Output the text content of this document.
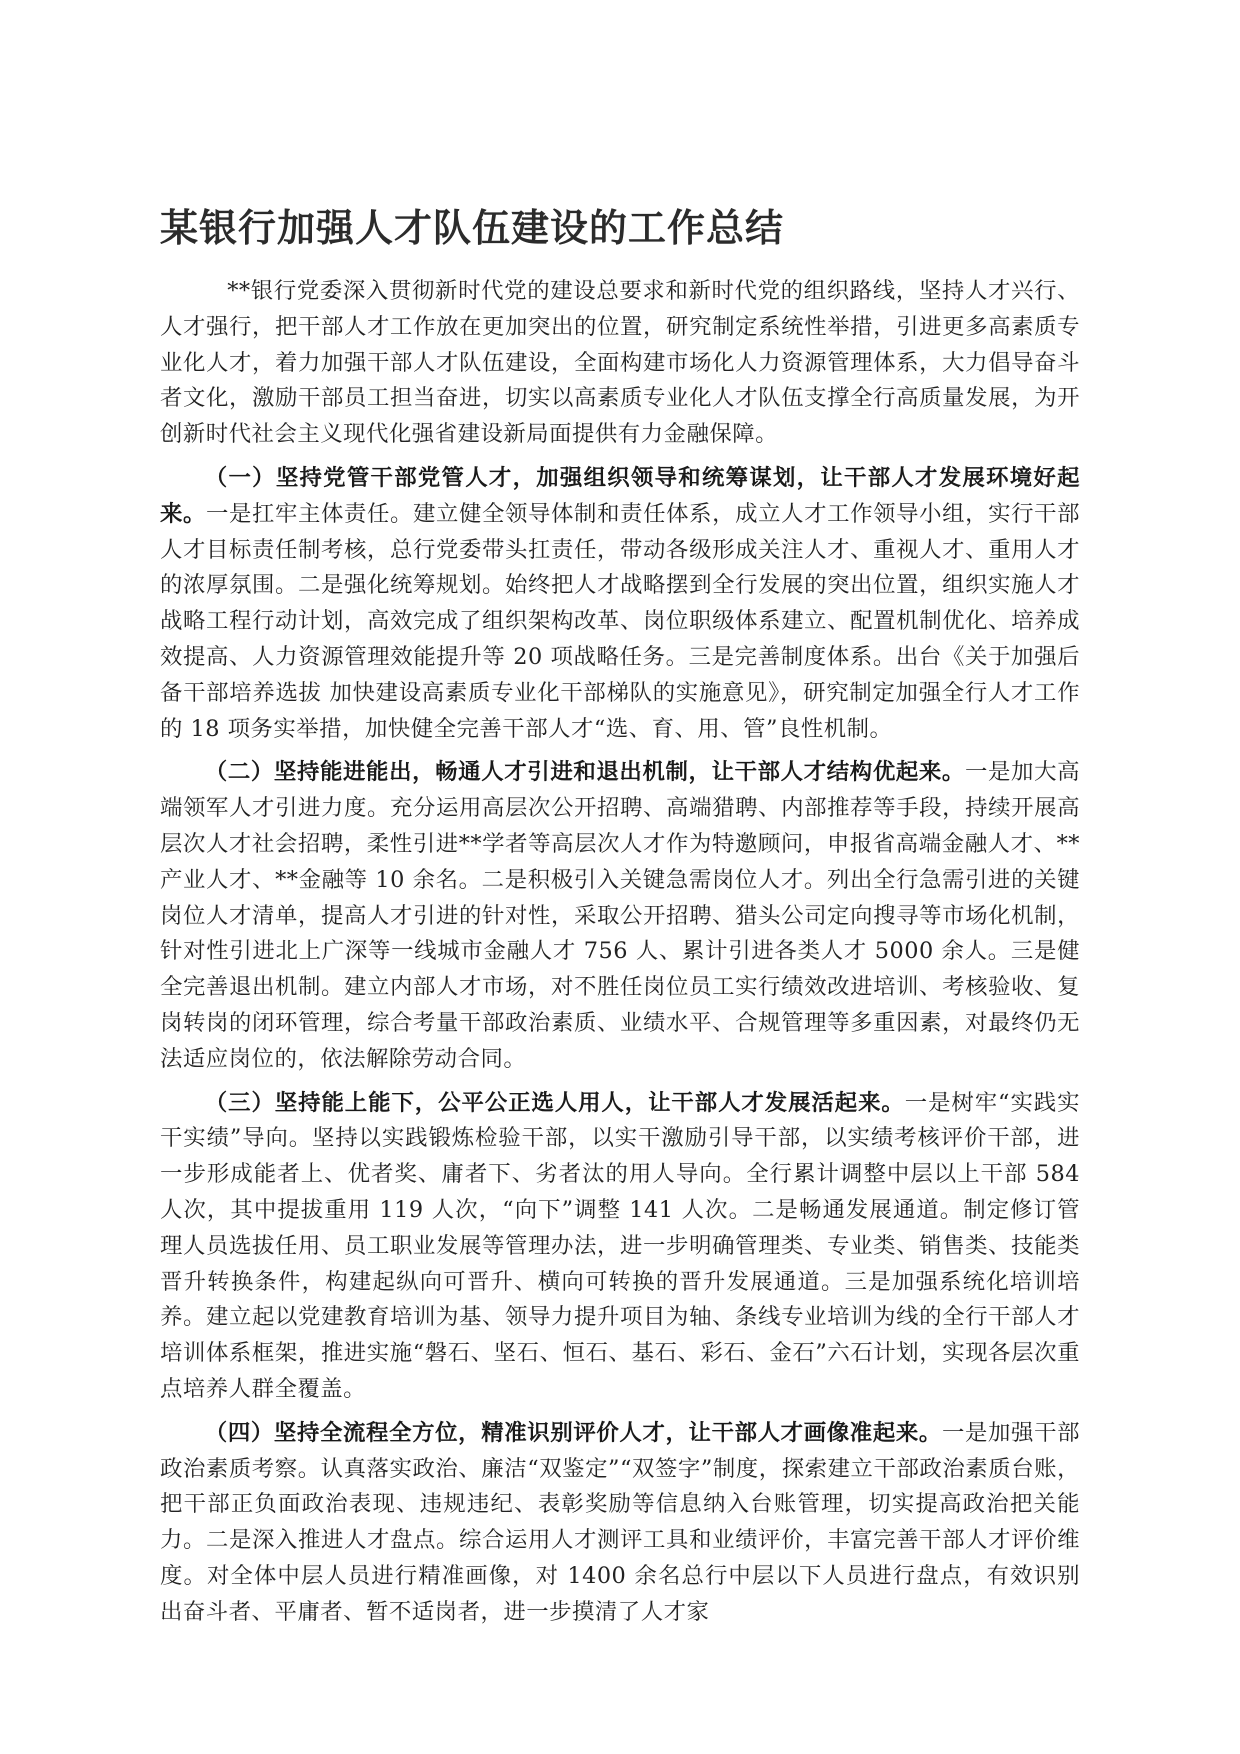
某银行加强人才队伍建设的工作总结

**银行党委深入贯彻新时代党的建设总要求和新时代党的组织路线，坚持人才兴行、人才强行，把干部人才工作放在更加突出的位置，研究制定系统性举措，引进更多高素质专业化人才，着力加强干部人才队伍建设，全面构建市场化人力资源管理体系，大力倡导奋斗者文化，激励干部员工担当奋进，切实以高素质专业化人才队伍支撑全行高质量发展，为开创新时代社会主义现代化强省建设新局面提供有力金融保障。

（一）坚持党管干部党管人才，加强组织领导和统筹谋划，让干部人才发展环境好起来。一是扛牢主体责任。建立健全领导体制和责任体系，成立人才工作领导小组，实行干部人才目标责任制考核，总行党委带头扛责任，带动各级形成关注人才、重视人才、重用人才的浓厚氛围。二是强化统筹规划。始终把人才战略摆到全行发展的突出位置，组织实施人才战略工程行动计划，高效完成了组织架构改革、岗位职级体系建立、配置机制优化、培养成效提高、人力资源管理效能提升等 20 项战略任务。三是完善制度体系。出台《关于加强后备干部培养选拔 加快建设高素质专业化干部梯队的实施意见》，研究制定加强全行人才工作的 18 项务实举措，加快健全完善干部人才“选、育、用、管”良性机制。

（二）坚持能进能出，畅通人才引进和退出机制，让干部人才结构优起来。一是加大高端领军人才引进力度。充分运用高层次公开招聘、高端猎聘、内部推荐等手段，持续开展高层次人才社会招聘，柔性引进**学者等高层次人才作为特邀顾问，申报省高端金融人才、**产业人才、**金融等 10 余名。二是积极引入关键急需岗位人才。列出全行急需引进的关键岗位人才清单，提高人才引进的针对性，采取公开招聘、猎头公司定向搜寻等市场化机制，针对性引进北上广深等一线城市金融人才 756 人、累计引进各类人才 5000 余人。三是健全完善退出机制。建立内部人才市场，对不胜任岗位员工实行绩效改进培训、考核验收、复岗转岗的闭环管理，综合考量干部政治素质、业绩水平、合规管理等多重因素，对最终仍无法适应岗位的，依法解除劳动合同。

（三）坚持能上能下，公平公正选人用人，让干部人才发展活起来。一是树牢“实践实干实绩”导向。坚持以实践锻炼检验干部，以实干激励引导干部，以实绩考核评价干部，进一步形成能者上、优者奖、庸者下、劣者汰的用人导向。全行累计调整中层以上干部 584 人次，其中提拔重用 119 人次，“向下”调整 141 人次。二是畅通发展通道。制定修订管理人员选拔任用、员工职业发展等管理办法，进一步明确管理类、专业类、销售类、技能类晋升转换条件，构建起纵向可晋升、横向可转换的晋升发展通道。三是加强系统化培训培养。建立起以党建教育培训为基、领导力提升项目为轴、条线专业培训为线的全行干部人才培训体系框架，推进实施“磐石、坚石、恒石、基石、彩石、金石”六石计划，实现各层次重点培养人群全覆盖。

（四）坚持全流程全方位，精准识别评价人才，让干部人才画像准起来。一是加强干部政治素质考察。认真落实政治、廉洁“双鉴定”“双签字”制度，探索建立干部政治素质台账，把干部正负面政治表现、违规违纪、表彰奖励等信息纳入台账管理，切实提高政治把关能力。二是深入推进人才盘点。综合运用人才测评工具和业绩评价，丰富完善干部人才评价维度。对全体中层人员进行精准画像，对 1400 余名总行中层以下人员进行盘点，有效识别出奋斗者、平庸者、暂不适岗者，进一步摸清了人才家
